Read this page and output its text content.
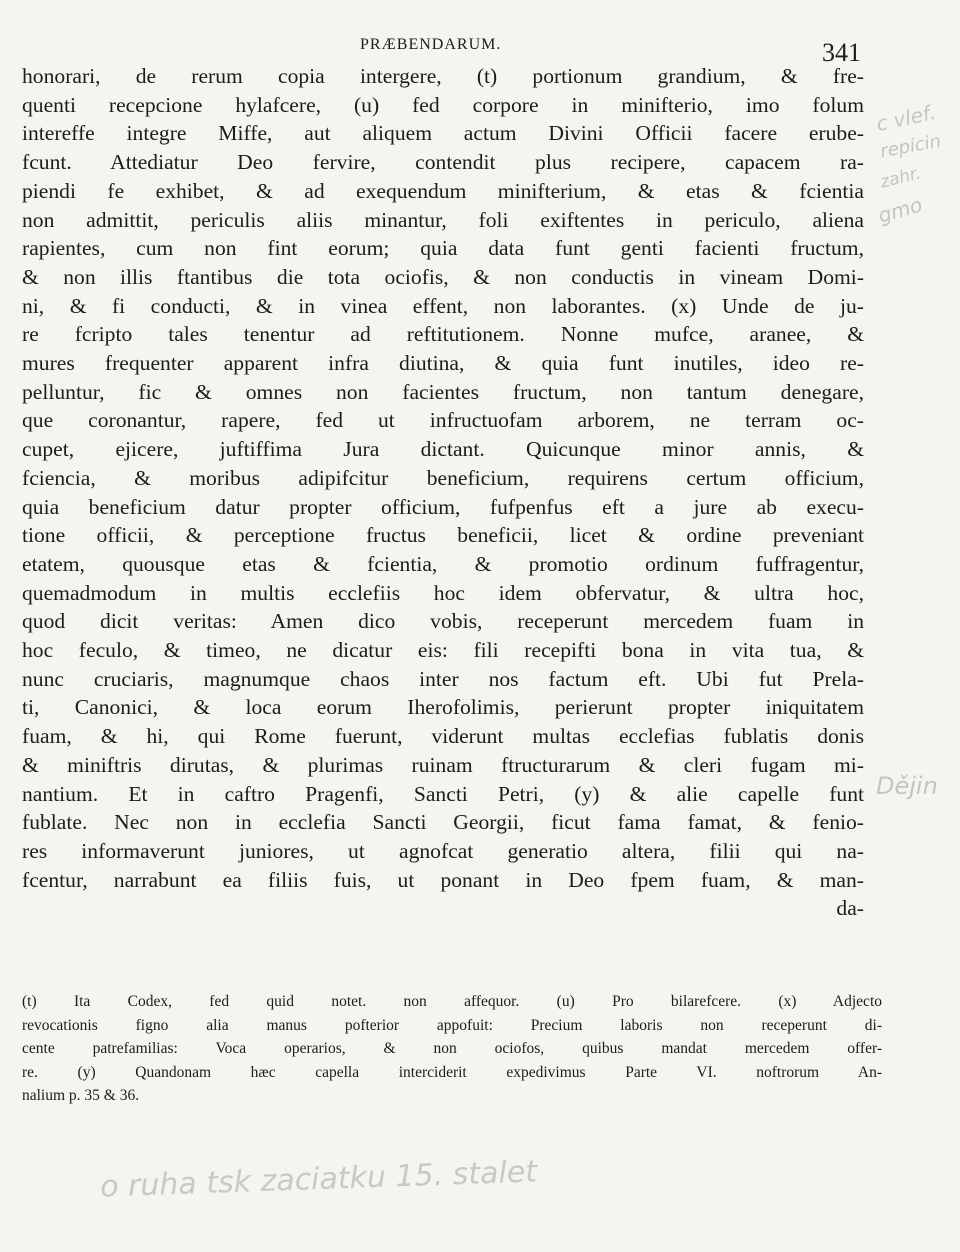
PRÆBENDARUM.	341
honorari, de rerum copia intergere, (t) portionum grandium, & fre-
quenti recepcione hylafcere, (u) fed corpore in minifterio, imo folum
intereffe integre Miffe, aut aliquem actum Divini Officii facere erube-
fcunt. Attediatur Deo fervire, contendit plus recipere, capacem ra-
piendi fe exhibet, & ad exequendum minifterium, & etas & fcientia
non admittit, periculis aliis minantur, foli exiftentes in periculo, aliena
rapientes, cum non fint eorum; quia data funt genti facienti fructum,
& non illis ftantibus die tota ociofis, & non conductis in vineam Domi-
ni, & fi conducti, & in vinea effent, non laborantes. (x) Unde de ju-
re fcripto tales tenentur ad reftitutionem. Nonne mufce, aranee, &
mures frequenter apparent infra diutina, & quia funt inutiles, ideo re-
pelluntur, fic & omnes non facientes fructum, non tantum denegare,
que coronantur, rapere, fed ut infructuofam arborem, ne terram oc-
cupet, ejicere, juftiffima Jura dictant. Quicunque minor annis, &
fciencia, & moribus adipifcitur beneficium, requirens certum officium,
quia beneficium datur propter officium, fufpenfus eft a jure ab execu-
tione officii, & perceptione fructus beneficii, licet & ordine preveniant
etatem, quousque etas & fcientia, & promotio ordinum fuffragentur,
quemadmodum in multis ecclefiis hoc idem obfervatur, & ultra hoc,
quod dicit veritas: Amen dico vobis, receperunt mercedem fuam in
hoc feculo, & timeo, ne dicatur eis: fili recepifti bona in vita tua, &
nunc cruciaris, magnumque chaos inter nos factum eft. Ubi fut Prela-
ti, Canonici, & loca eorum Iherofolimis, perierunt propter iniquitatem
fuam, & hi, qui Rome fuerunt, viderunt multas ecclefias fublatis donis
& miniftris dirutas, & plurimas ruinam ftructurarum & cleri fugam mi-
nantium. Et in caftro Pragenfi, Sancti Petri, (y) & alie capelle funt
fublate. Nec non in ecclefia Sancti Georgii, ficut fama famat, & fenio-
res informaverunt juniores, ut agnofcat generatio altera, filii qui na-
fcentur, narrabunt ea filiis fuis, ut ponant in Deo fpem fuam, & man-
da-
(t) Ita Codex, fed quid notet. non affequor. (u) Pro bilarefcere. (x) Adjecto
revocationis figno alia manus pofterior appofuit: Precium laboris non receperunt di-
cente patrefamilias: Voca operarios, & non ociofos, quibus mandat mercedem offer-
re. (y) Quandonam hæc capella interciderit expedivimus Parte VI. noftrorum An-
nalium p. 35 & 36.
c vlef.
repicin
zahr.
gmo
Dějin
o ruha tsk zaciatku 15. stalet
